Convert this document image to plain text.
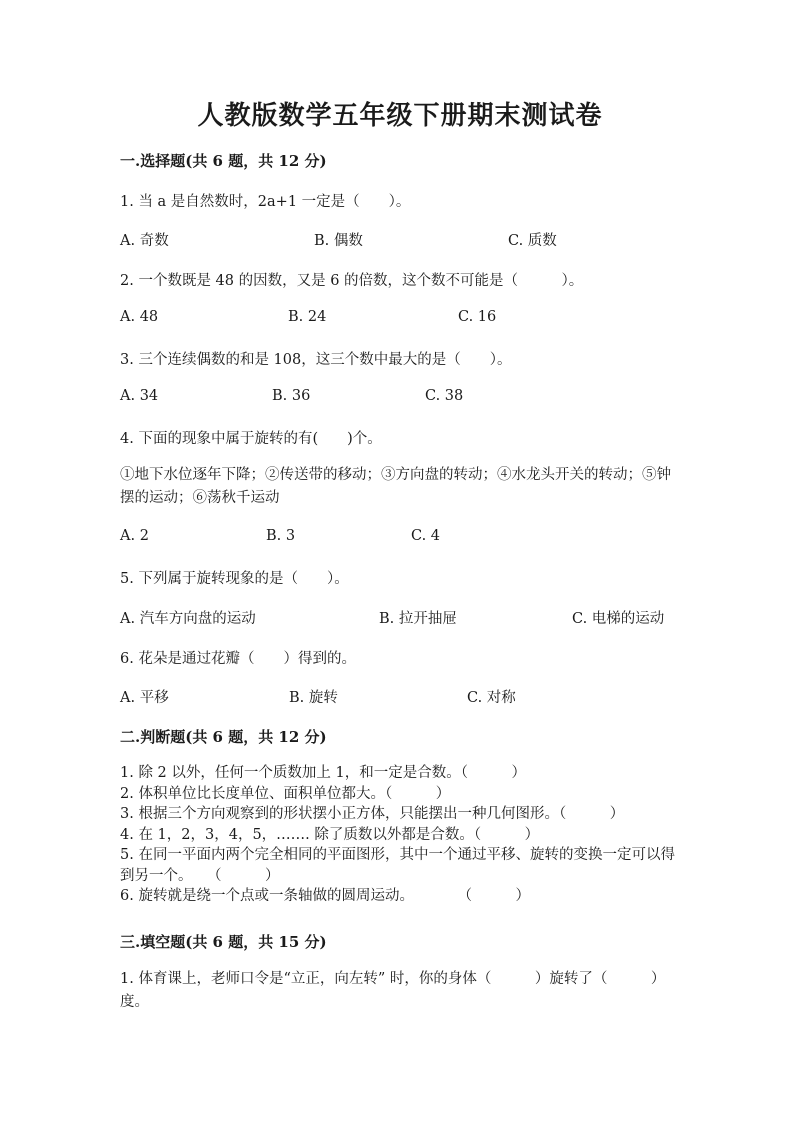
人教版数学五年级下册期末测试卷
一.选择题(共 6 题，共 12 分)
1. 当 a 是自然数时，2a+1 一定是（　　）。
A. 奇数	B. 偶数	C. 质数
2. 一个数既是 48 的因数，又是 6 的倍数，这个数不可能是（　　　）。
A. 48	B. 24	C. 16
3. 三个连续偶数的和是 108，这三个数中最大的是（　　）。
A. 34	B. 36	C. 38
4. 下面的现象中属于旋转的有(　　)个。
①地下水位逐年下降；②传送带的移动；③方向盘的转动；④水龙头开关的转动；⑤钟摆的运动；⑥荡秋千运动
A. 2	B. 3	C. 4
5. 下列属于旋转现象的是（　　）。
A. 汽车方向盘的运动	B. 拉开抽屉	C. 电梯的运动
6. 花朵是通过花瓣（　　）得到的。
A. 平移	B. 旋转	C. 对称
二.判断题(共 6 题，共 12 分)
1. 除 2 以外，任何一个质数加上 1，和一定是合数。（　　　）
2. 体积单位比长度单位、面积单位都大。（　　　）
3. 根据三个方向观察到的形状摆小正方体，只能摆出一种几何图形。（　　　）
4. 在 1，2，3，4，5，……. 除了质数以外都是合数。（　　　）
5. 在同一平面内两个完全相同的平面图形，其中一个通过平移、旋转的变换一定可以得到另一个。　　（　　　）
6. 旋转就是绕一个点或一条轴做的圆周运动。　　　　（　　　）
三.填空题(共 6 题，共 15 分)
1. 体育课上，老师口令是“立正，向左转” 时，你的身体（　　　）旋转了（　　　）度。
